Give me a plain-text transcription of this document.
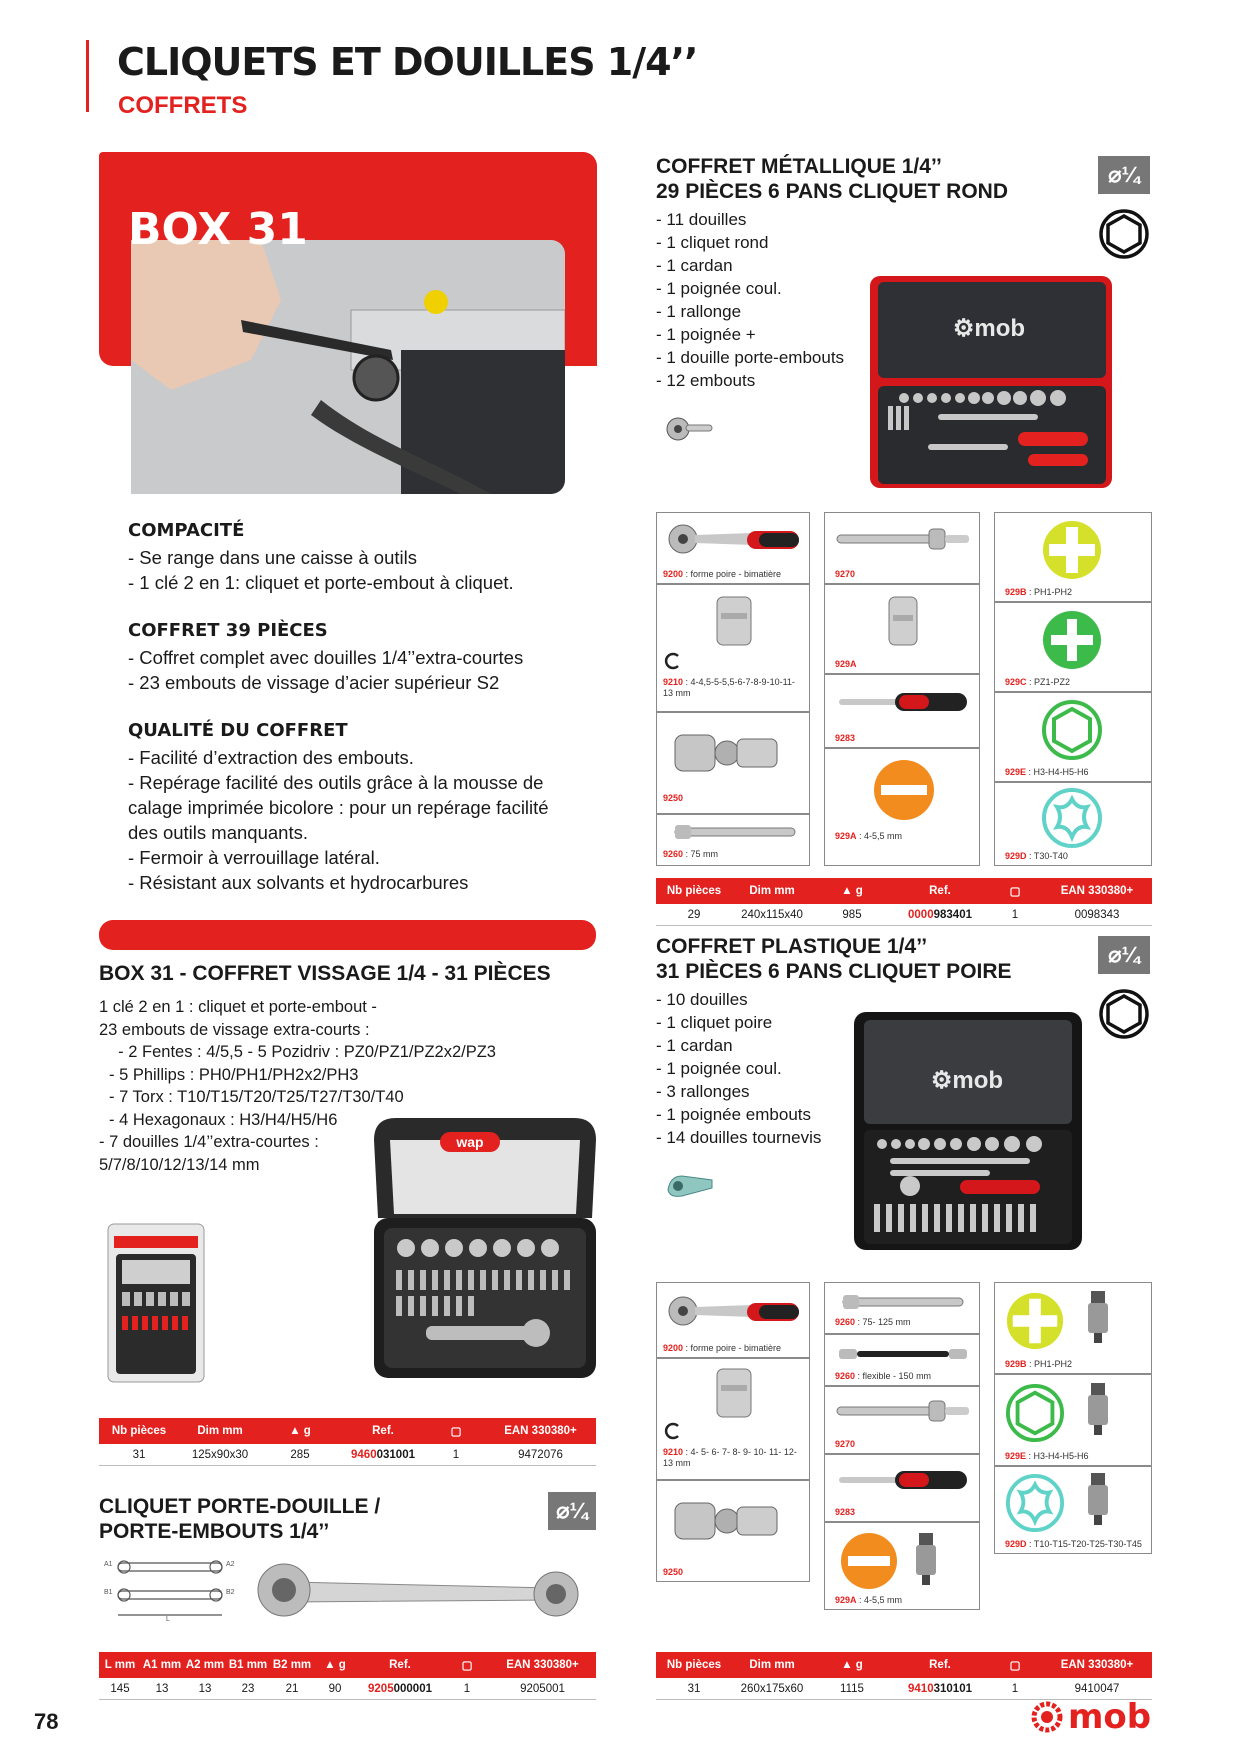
CLIQUETS ET DOUILLES 1/4’’
COFFRETS
BOX 31
COMPACITÉ
- Se range dans une caisse à outils
- 1 clé 2 en 1: cliquet et porte-embout à cliquet.
COFFRET 39 PIÈCES
- Coffret complet avec douilles 1/4’’extra-courtes
- 23 embouts de vissage d’acier supérieur S2
QUALITÉ DU COFFRET
- Facilité d’extraction des embouts.
- Repérage facilité des outils grâce à la mousse de calage imprimée bicolore : pour un repérage facilité des outils manquants.
- Fermoir à verrouillage latéral.
- Résistant aux solvants et hydrocarbures
BOX 31 - COFFRET VISSAGE 1/4 - 31 PIÈCES
1 clé 2 en 1 : cliquet et porte-embout -
23 embouts de vissage extra-courts :
- 2 Fentes : 4/5,5 - 5 Pozidriv : PZ0/PZ1/PZ2x2/PZ3
- 5 Phillips : PH0/PH1/PH2x2/PH3
- 7 Torx : T10/T15/T20/T25/T27/T30/T40
- 4 Hexagonaux : H3/H4/H5/H6
- 7 douilles 1/4’’extra-courtes :
5/7/8/10/12/13/14 mm
wap
Nb pièces	Dim mm	▲ g	Ref.	▢	EAN 330380+
31	125x90x30	285	9460031001	1	9472076
CLIQUET PORTE-DOUILLE /
PORTE-EMBOUTS 1/4’’
⌀¼
A1
B1
A2
B2
L
L mm A1 mm A2 mm B1 mm B2 mm	▲ g	Ref.	▢	EAN 330380+
145	13	13	23	21	90	9205000001	1	9205001
COFFRET MÉTALLIQUE 1/4’’
29 PIÈCES 6 PANS CLIQUET ROND
⌀¼
- 11 douilles
- 1 cliquet rond
- 1 cardan
- 1 poignée coul.
- 1 rallonge
- 1 poignée +
- 1 douille porte-embouts
- 12 embouts
⚙mob
9200 : forme poire - bimatière
9210 : 4-4,5-5-5,5-6-7-8-9-10-11-13 mm
9250
9260 : 75 mm
9270
929A
9283
929A : 4-5,5 mm
929B : PH1-PH2
929C : PZ1-PZ2
929E : H3-H4-H5-H6
929D : T30-T40
Nb pièces	Dim mm	▲ g	Ref.	▢	EAN 330380+
29	240x115x40	985	0000983401	1	0098343
COFFRET PLASTIQUE 1/4’’
31 PIÈCES 6 PANS CLIQUET POIRE
⌀¼
- 10 douilles
- 1 cliquet poire
- 1 cardan
- 1 poignée coul.
- 3 rallonges
- 1 poignée embouts
- 14 douilles tournevis
⚙mob
9200 : forme poire - bimatière
9210 : 4- 5- 6- 7- 8- 9- 10- 11- 12- 13 mm
9250
9260 : 75- 125 mm
9260 : flexible - 150 mm
9270
9283
929A : 4-5,5 mm
929B : PH1-PH2
929E : H3-H4-H5-H6
929D : T10-T15-T20-T25-T30-T45
Nb pièces	Dim mm	▲ g	Ref.	▢	EAN 330380+
31	260x175x60	1115	9410310101	1	9410047
78	mob
